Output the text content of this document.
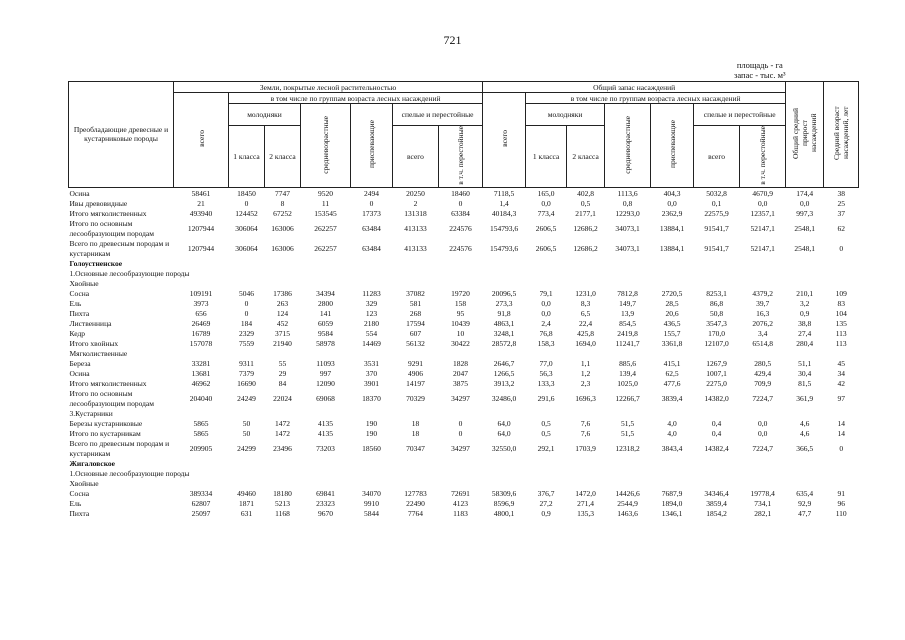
721
площадь - га
запас - тыс. м³
Преобладающие древесные и кустарниковые породы	Земли, покрытые лесной растительностью							Общий запас насаждений							Общий средний прирост насаждений	Средний возраст насаждений, лет
	всего	в том числе по группам возраста лесных насаждений						всего	в том числе по группам возраста лесных насаждений							
		молодняки		средневозрастные	приспевающие	спелые и перестойные			молодняки		средневозрастные	приспевающие	спелые и перестойные			
		1 класса	2 класса			всего	в т.ч. перестойные		1 класса	2 класса			всего	в т.ч. перестойные		
Осина	58461	18450	7747	9520	2494	20250	18460	7118,5	165,0	402,8	1113,6	404,3	5032,8	4670,9	174,4	38
Ивы древовидные	21	0	8	11	0	2	0	1,4	0,0	0,5	0,8	0,0	0,1	0,0	0,0	25
Итого мягколиственных	493940	124452	67252	153545	17373	131318	63384	40184,3	773,4	2177,1	12293,0	2362,9	22575,9	12357,1	997,3	37
Итого по основным лесообразующим породам	1207944	306064	163006	262257	63484	413133	224576	154793,6	2606,5	12686,2	34073,1	13884,1	91541,7	52147,1	2548,1	62
Всего по древесным породам и кустарникам	1207944	306064	163006	262257	63484	413133	224576	154793,6	2606,5	12686,2	34073,1	13884,1	91541,7	52147,1	2548,1	0
Голоустненское																
1.Основные лесообразующие породы																
Хвойные																
Сосна	109191	5046	17386	34394	11283	37082	19720	20096,5	79,1	1231,0	7812,8	2720,5	8253,1	4379,2	210,1	109
Ель	3973	0	263	2800	329	581	158	273,3	0,0	8,3	149,7	28,5	86,8	39,7	3,2	83
Пихта	656	0	124	141	123	268	95	91,8	0,0	6,5	13,9	20,6	50,8	16,3	0,9	104
Лиственница	26469	184	452	6059	2180	17594	10439	4863,1	2,4	22,4	854,5	436,5	3547,3	2076,2	38,8	135
Кедр	16789	2329	3715	9584	554	607	10	3248,1	76,8	425,8	2419,8	155,7	170,0	3,4	27,4	113
Итого хвойных	157078	7559	21940	58978	14469	56132	30422	28572,8	158,3	1694,0	11241,7	3361,8	12107,0	6514,8	280,4	113
Мягколиственные																
Береза	33281	9311	55	11093	3531	9291	1828	2646,7	77,0	1,1	885,6	415,1	1267,9	280,5	51,1	45
Осина	13681	7379	29	997	370	4906	2047	1266,5	56,3	1,2	139,4	62,5	1007,1	429,4	30,4	34
Итого мягколиственных	46962	16690	84	12090	3901	14197	3875	3913,2	133,3	2,3	1025,0	477,6	2275,0	709,9	81,5	42
Итого по основным лесообразующим породам	204040	24249	22024	69068	18370	70329	34297	32486,0	291,6	1696,3	12266,7	3839,4	14382,0	7224,7	361,9	97
3.Кустарники																
Березы кустарниковые	5865	50	1472	4135	190	18	0	64,0	0,5	7,6	51,5	4,0	0,4	0,0	4,6	14
Итого по кустарникам	5865	50	1472	4135	190	18	0	64,0	0,5	7,6	51,5	4,0	0,4	0,0	4,6	14
Всего по древесным породам и кустарникам	209905	24299	23496	73203	18560	70347	34297	32550,0	292,1	1703,9	12318,2	3843,4	14382,4	7224,7	366,5	0
Жигаловское																
1.Основные лесообразующие породы																
Хвойные																
Сосна	389334	49460	18180	69841	34070	127783	72691	58309,6	376,7	1472,0	14426,6	7687,9	34346,4	19778,4	635,4	91
Ель	62807	1871	5213	23323	9910	22490	4123	8596,9	27,2	271,4	2544,9	1894,0	3859,4	734,1	92,9	96
Пихта	25097	631	1168	9670	5844	7764	1183	4800,1	0,9	135,3	1463,6	1346,1	1854,2	282,1	47,7	110
